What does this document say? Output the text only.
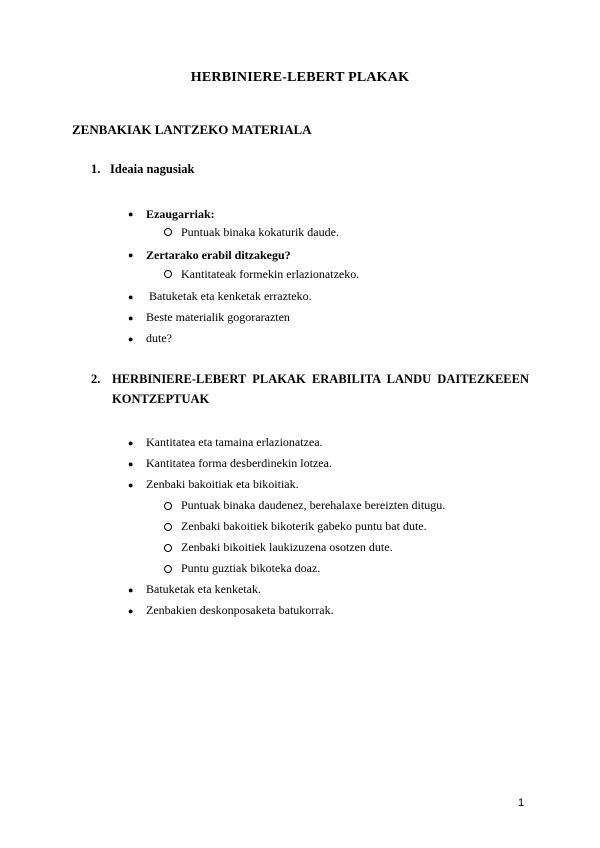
HERBINIERE-LEBERT PLAKAK
ZENBAKIAK LANTZEKO MATERIALA
1. Ideaia nagusiak
● Ezaugarriak:
Puntuak binaka kokaturik daude.
● Zertarako erabil ditzakegu?
Kantitateak formekin erlazionatzeko.
● Batuketak eta kenketak errazteko.
● Beste materialik gogorarazten
● dute?
2. HERBINIERE-LEBERT PLAKAK ERABILITA LANDU DAITEZKEEEN
KONTZEPTUAK
● Kantitatea eta tamaina erlazionatzea.
● Kantitatea forma desberdinekin lotzea.
● Zenbaki bakoitiak eta bikoitiak.
Puntuak binaka daudenez, berehalaxe bereizten ditugu.
Zenbaki bakoitiek bikoterik gabeko puntu bat dute.
Zenbaki bikoitiek laukizuzena osotzen dute.
Puntu guztiak bikoteka doaz.
● Batuketak eta kenketak.
● Zenbakien deskonposaketa batukorrak.
1
